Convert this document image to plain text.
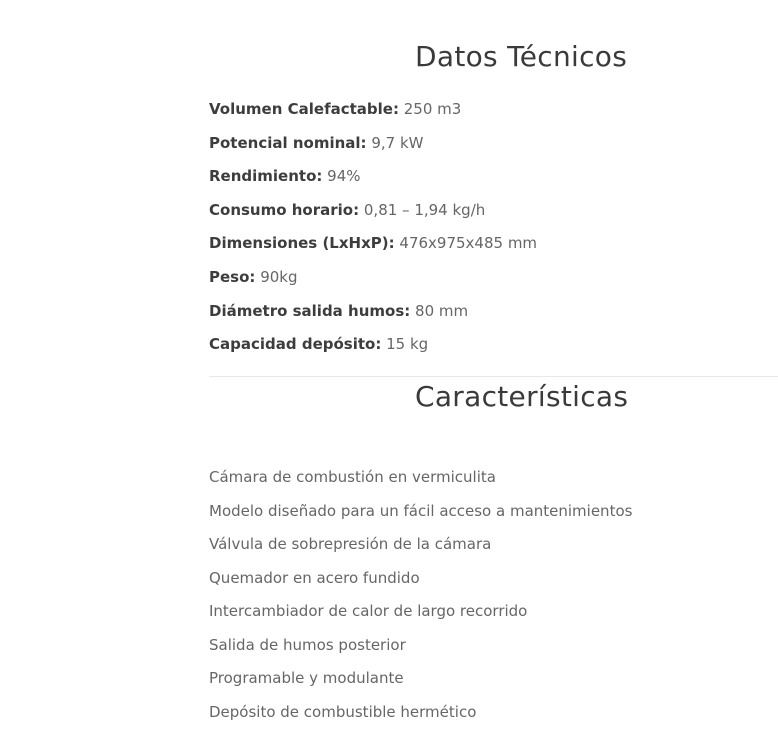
Datos Técnicos
Volumen Calefactable: 250 m3
Potencial nominal: 9,7 kW
Rendimiento: 94%
Consumo horario: 0,81 – 1,94 kg/h
Dimensiones (LxHxP): 476x975x485 mm
Peso: 90kg
Diámetro salida humos: 80 mm
Capacidad depósito: 15 kg
Características
Cámara de combustión en vermiculita
Modelo diseñado para un fácil acceso a mantenimientos
Válvula de sobrepresión de la cámara
Quemador en acero fundido
Intercambiador de calor de largo recorrido
Salida de humos posterior
Programable y modulante
Depósito de combustible hermético
